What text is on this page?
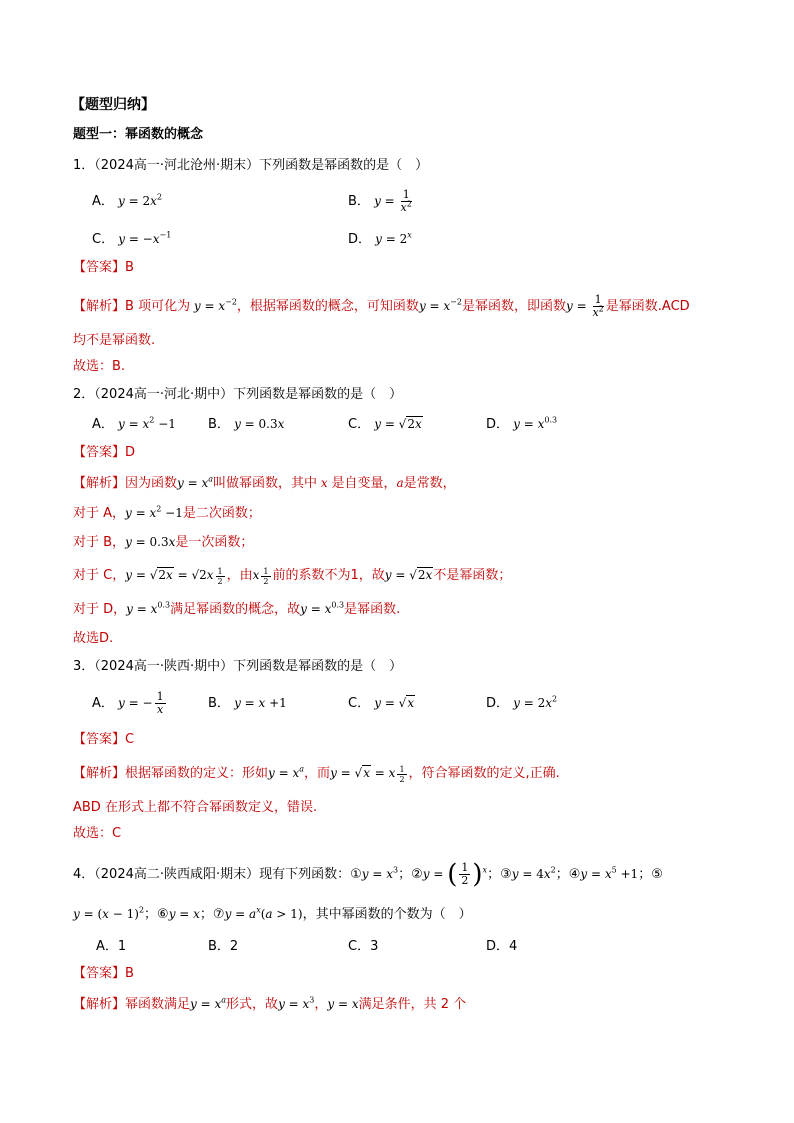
【题型归纳】
题型一：幂函数的概念
1．（2024高一·河北沧州·期末）下列函数是幂函数的是（　）
A． $y = 2x^2$	B． $y = \frac{1}{x^2}$
C． $y = -x^{-1}$	D． $y = 2^x$
【答案】B
【解析】B 项可化为 $y = x^{-2}$，根据幂函数的概念，可知函数$y = x^{-2}$是幂函数，即函数$y = \frac{1}{x^2}$ 是幂函数.ACD
均不是幂函数.
故选：B.
2．（2024高一·河北·期中）下列函数是幂函数的是（　）
A． $y = x^2 -1$ B． y = 0.3x	C． y = √2x	D． $y = x^{0.3}$
【答案】D
【解析】因为函数$y = x^a$叫做幂函数，其中 x 是自变量，a是常数，
对于 A，$y = x^2 -1$是二次函数；
对于 B，y = 0.3x是一次函数；
对于 C，$y = √2x = √2x \frac{1}{2}$ ，由x $\frac{1}{2}$ 前的系数不为1，故y = √2x不是幂函数；
对于 D，$y = x^{0.3}$满足幂函数的概念，故$y = x^{0.3}$是幂函数.
故选D.
3．（2024高一·陕西·期中）下列函数是幂函数的是（　）
A． y = − $\frac{1}{x}$	B． y = x +1	C． y = √x	D． $y = 2x^2$
【答案】C
【解析】根据幂函数的定义：形如$y = x^a$，而y = √x = x $\frac{1}{2}$ ，符合幂函数的定义,正确.
ABD 在形式上都不符合幂函数定义，错误.
故选：C
4．（2024高二·陕西咸阳·期末）现有下列函数：①y = $x^3$；②y = ( $\frac{1}{2} )^x$；③y = $4x^2$；④y = $x^5 +1$；⑤
$y = (x - 1)^2$；⑥y = x；⑦y = $a^x(a > 1)$，其中幂函数的个数为（　）
A．1	B．2	C．3	D．4
【答案】B
【解析】幂函数满足$y = x^a$形式，故$y = x^3$，y = x满足条件，共 2 个
